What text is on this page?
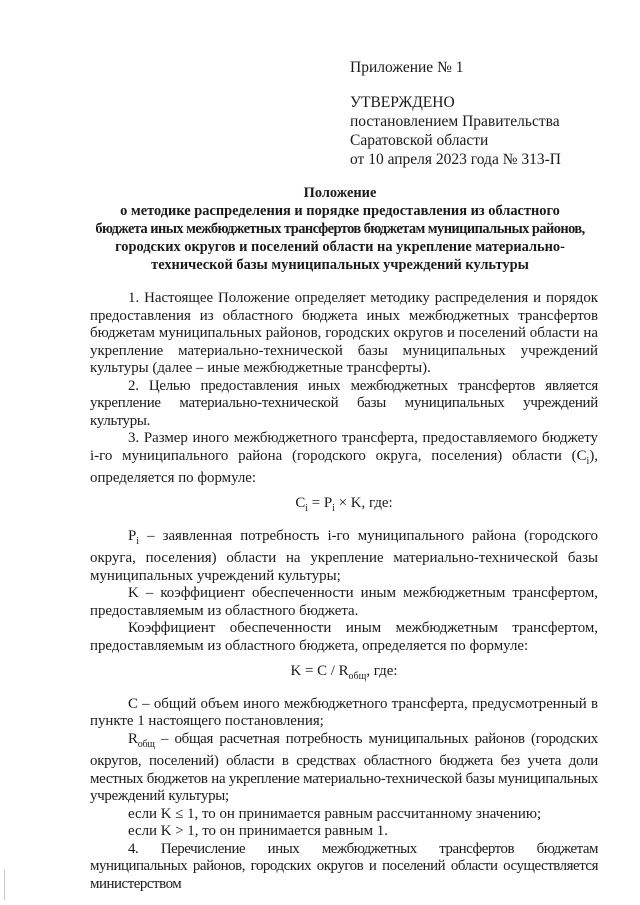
Приложение № 1
УТВЕРЖДЕНО
постановлением Правительства
Саратовской области
от 10 апреля 2023 года № 313-П
Положение
о методике распределения и порядке предоставления из областного
бюджета иных межбюджетных трансфертов бюджетам муниципальных районов,
городских округов и поселений области на укрепление материально-
технической базы муниципальных учреждений культуры

1. Настоящее Положение определяет методику распределения и порядок предоставления из областного бюджета иных межбюджетных трансфертов бюджетам муниципальных районов, городских округов и поселений области на укрепление материально-технической базы муниципальных учреждений культуры (далее – иные межбюджетные трансферты).

2. Целью предоставления иных межбюджетных трансфертов является укрепление материально-технической базы муниципальных учреждений культуры.

3. Размер иного межбюджетного трансферта, предоставляемого бюджету i-го муниципального района (городского округа, поселения) области $(C_i)$, определяется по формуле:

$C_i = P_i \times K$, где:

$P_i$ – заявленная потребность i-го муниципального района (городского округа, поселения) области на укрепление материально-технической базы муниципальных учреждений культуры;

K – коэффициент обеспеченности иным межбюджетным трансфертом, предоставляемым из областного бюджета.

Коэффициент обеспеченности иным межбюджетным трансфертом, предоставляемым из областного бюджета, определяется по формуле:

$K = C / R_{общ}$, где:

C – общий объем иного межбюджетного трансферта, предусмотренный в пункте 1 настоящего постановления;

$R_{общ}$ – общая расчетная потребность муниципальных районов (городских округов, поселений) области в средствах областного бюджета без учета доли местных бюджетов на укрепление материально-технической базы муниципальных учреждений культуры;

если K ≤ 1, то он принимается равным рассчитанному значению;

если K > 1, то он принимается равным 1.

4. Перечисление иных межбюджетных трансфертов бюджетам муниципальных районов, городских округов и поселений области осуществляется министерством
